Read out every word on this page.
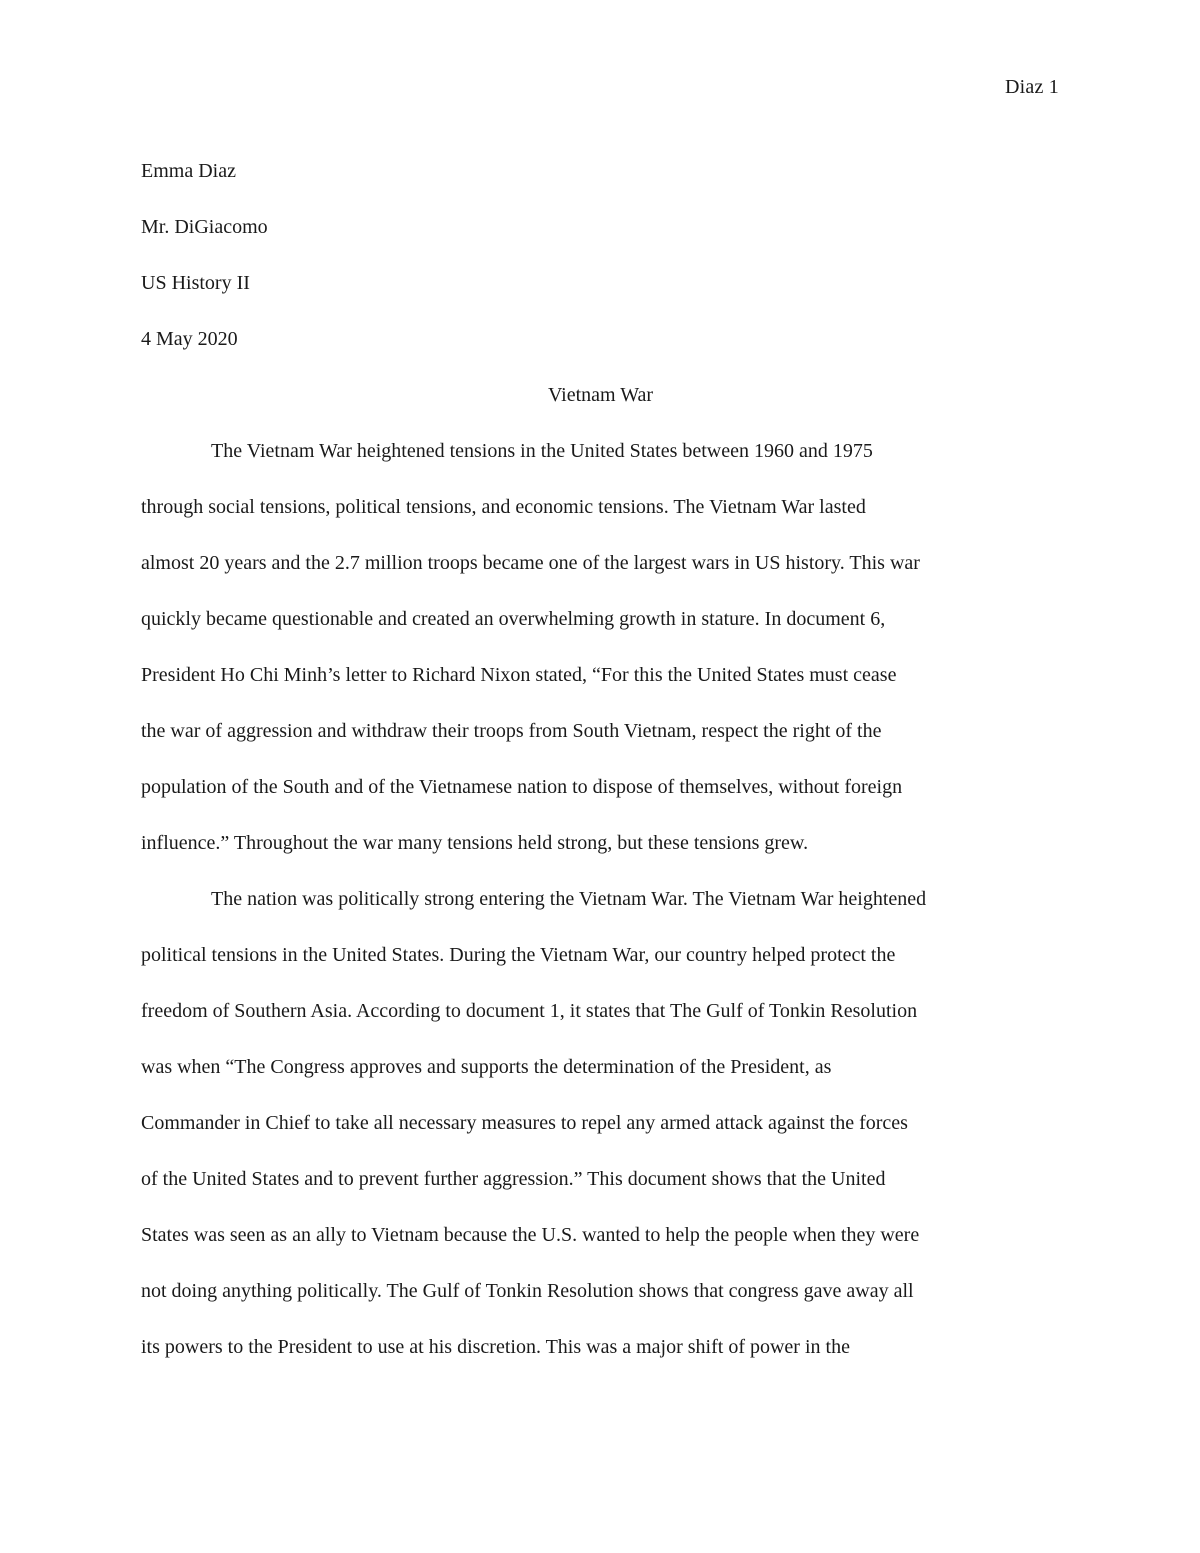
Diaz 1
Emma Diaz
Mr. DiGiacomo
US History II
4 May 2020
Vietnam War

The Vietnam War heightened tensions in the United States between 1960 and 1975
through social tensions, political tensions, and economic tensions. The Vietnam War lasted
almost 20 years and the 2.7 million troops became one of the largest wars in US history. This war
quickly became questionable and created an overwhelming growth in stature. In document 6,
President Ho Chi Minh’s letter to Richard Nixon stated, “For this the United States must cease
the war of aggression and withdraw their troops from South Vietnam, respect the right of the
population of the South and of the Vietnamese nation to dispose of themselves, without foreign
influence.” Throughout the war many tensions held strong, but these tensions grew.

The nation was politically strong entering the Vietnam War. The Vietnam War heightened
political tensions in the United States. During the Vietnam War, our country helped protect the
freedom of Southern Asia. According to document 1, it states that The Gulf of Tonkin Resolution
was when “The Congress approves and supports the determination of the President, as
Commander in Chief to take all necessary measures to repel any armed attack against the forces
of the United States and to prevent further aggression.” This document shows that the United
States was seen as an ally to Vietnam because the U.S. wanted to help the people when they were
not doing anything politically. The Gulf of Tonkin Resolution shows that congress gave away all
its powers to the President to use at his discretion. This was a major shift of power in the
